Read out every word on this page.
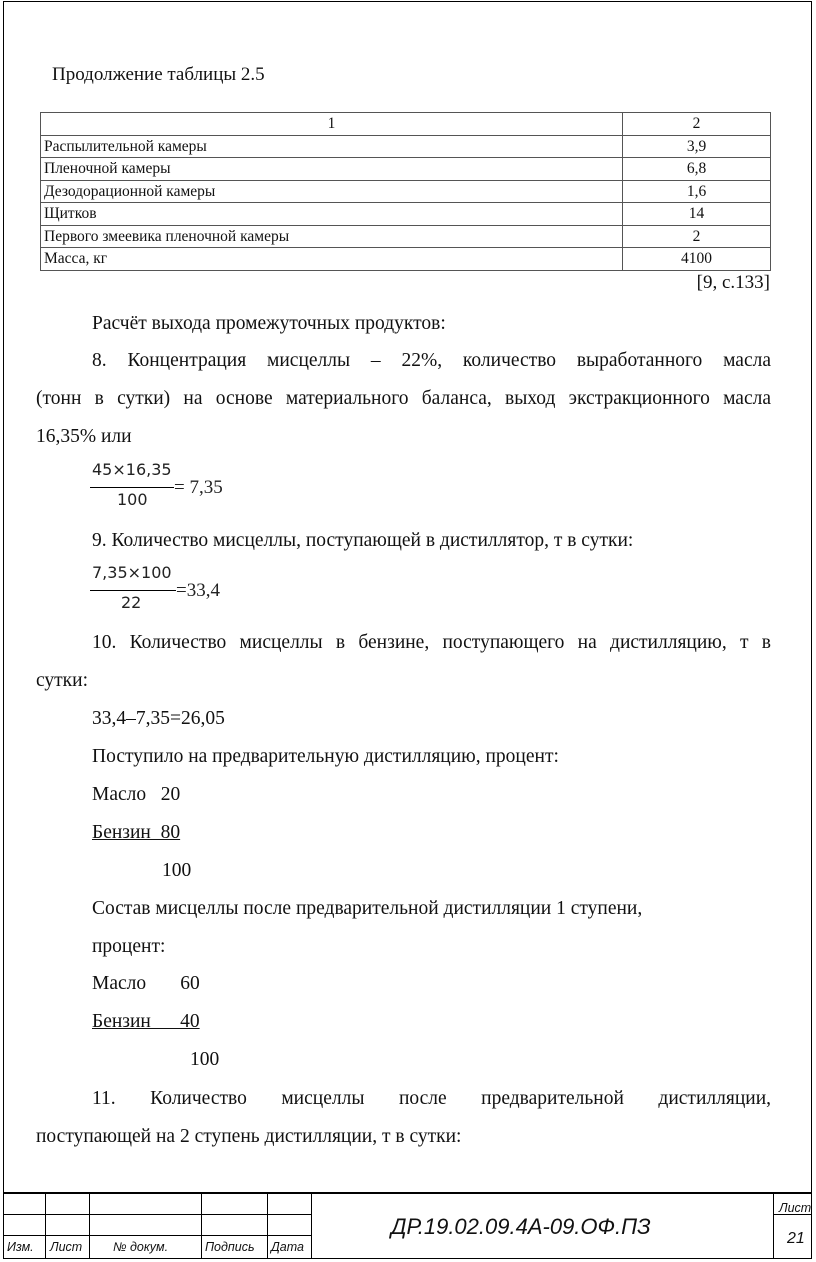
Продолжение таблицы 2.5
1	2
Распылительной камеры	3,9
Пленочной камеры	6,8
Дезодорационной камеры	1,6
Щитков	14
Первого змеевика пленочной камеры	2
Масса, кг	4100
[9, с.133]
Расчёт выхода промежуточных продуктов:
8. Концентрация мисцеллы – 22%, количество выработанного масла
(тонн в сутки) на основе материального баланса, выход экстракционного масла
16,35% или
45×16,35
100
= 7,35
9. Количество мисцеллы, поступающей в дистиллятор, т в сутки:
7,35×100
22
=33,4
10. Количество мисцеллы в бензине, поступающего на дистилляцию, т в
сутки:
33,4–7,35=26,05
Поступило на предварительную дистилляцию, процент:
Масло   20
Бензин  80
100
Состав мисцеллы после предварительной дистилляции 1 ступени,
процент:
Масло       60
Бензин      40
100
11. Количество мисцеллы после предварительной дистилляции,
поступающей на 2 ступень дистилляции, т в сутки:
Изм. Лист № докум.	Подпись Дата
ДР.19.02.09.4А-09.ОФ.ПЗ
Лист
21
